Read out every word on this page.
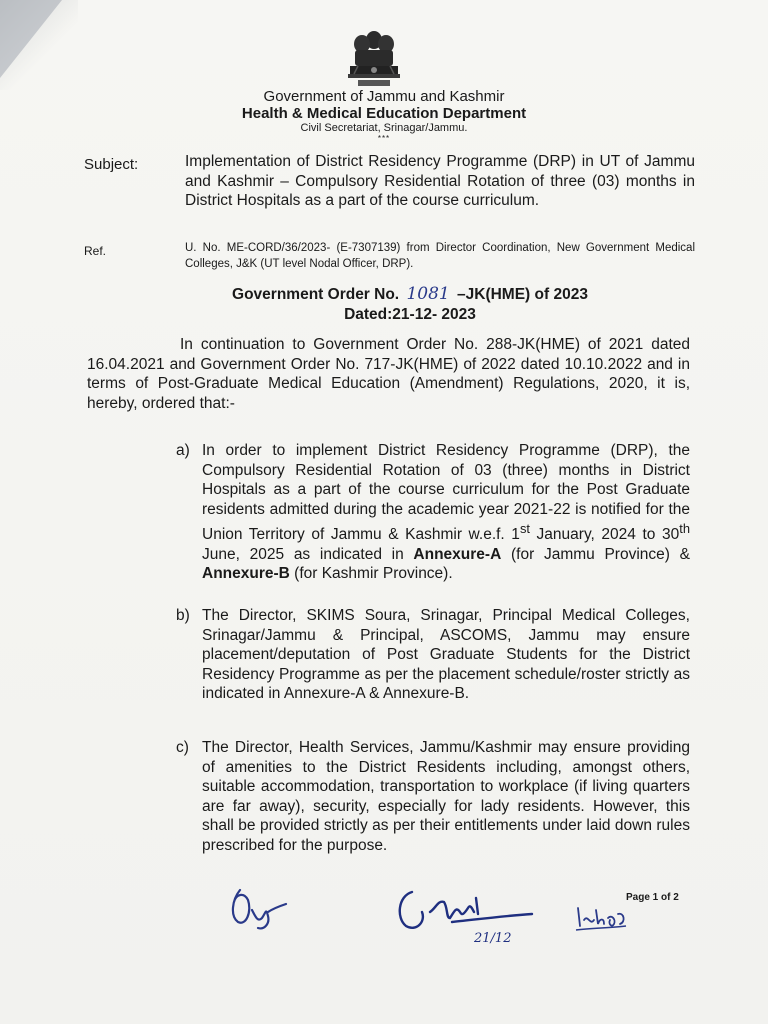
Government of Jammu and Kashmir
Health & Medical Education Department
Civil Secretariat, Srinagar/Jammu.
***
Subject:	Implementation of District Residency Programme (DRP) in UT of Jammu and Kashmir – Compulsory Residential Rotation of three (03) months in District Hospitals as a part of the course curriculum.
Ref.	U. No. ME-CORD/36/2023- (E-7307139) from Director Coordination, New Government Medical Colleges, J&K (UT level Nodal Officer, DRP).
Government Order No. 1081 –JK(HME) of 2023
Dated:21-12- 2023
In continuation to Government Order No. 288-JK(HME) of 2021 dated 16.04.2021 and Government Order No. 717-JK(HME) of 2022 dated 10.10.2022 and in terms of Post-Graduate Medical Education (Amendment) Regulations, 2020, it is, hereby, ordered that:-
a) In order to implement District Residency Programme (DRP), the Compulsory Residential Rotation of 03 (three) months in District Hospitals as a part of the course curriculum for the Post Graduate residents admitted during the academic year 2021-22 is notified for the Union Territory of Jammu & Kashmir w.e.f. 1st January, 2024 to 30th June, 2025 as indicated in Annexure-A (for Jammu Province) & Annexure-B (for Kashmir Province).
b) The Director, SKIMS Soura, Srinagar, Principal Medical Colleges, Srinagar/Jammu & Principal, ASCOMS, Jammu may ensure placement/deputation of Post Graduate Students for the District Residency Programme as per the placement schedule/roster strictly as indicated in Annexure-A & Annexure-B.
c) The Director, Health Services, Jammu/Kashmir may ensure providing of amenities to the District Residents including, amongst others, suitable accommodation, transportation to workplace (if living quarters are far away), security, especially for lady residents. However, this shall be provided strictly as per their entitlements under laid down rules prescribed for the purpose.
21/12
Page 1 of 2
